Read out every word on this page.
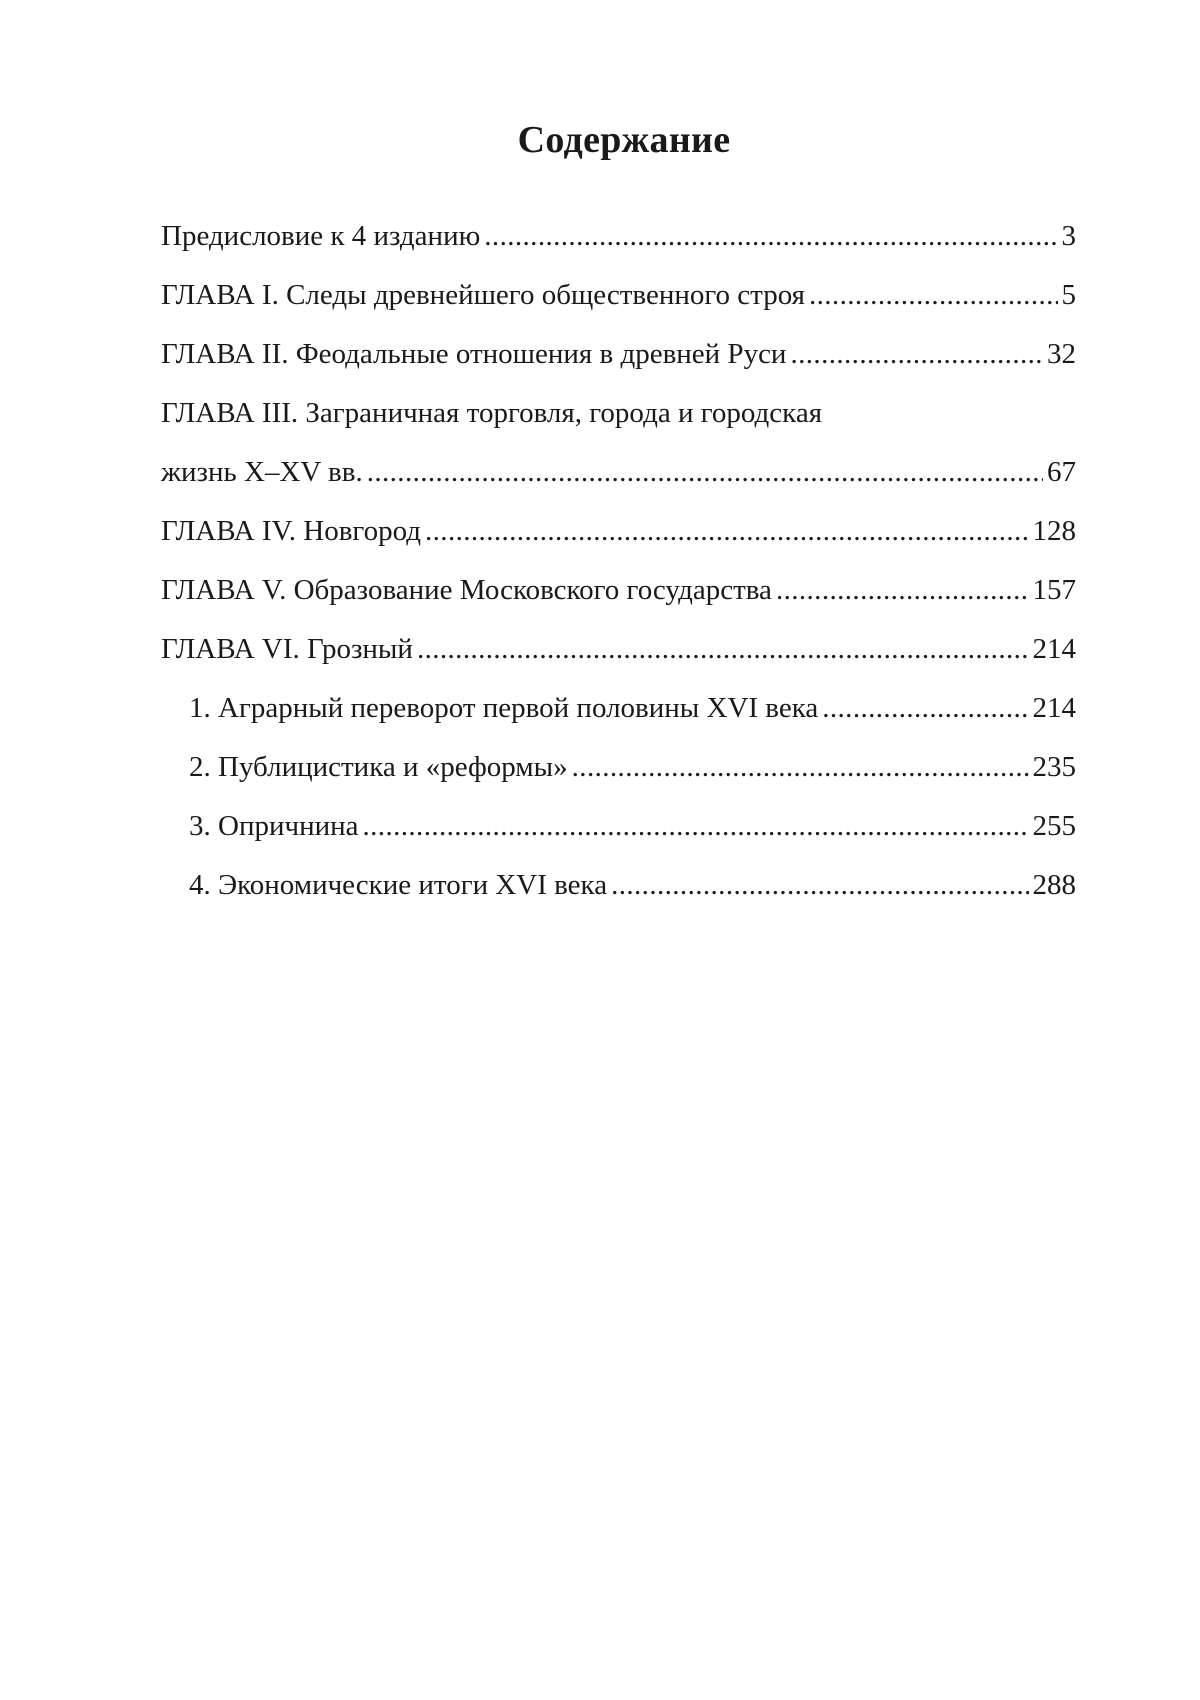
Содержание
Предисловие к 4 изданию .....	3
ГЛАВА I. Следы древнейшего общественного строя .....	5
ГЛАВА II. Феодальные отношения в древней Руси .....	32
ГЛАВА III. Заграничная торговля, города и городская
жизнь X–XV вв. .....	67
ГЛАВА IV. Новгород .....	128
ГЛАВА V. Образование Московского государства .....	157
ГЛАВА VI. Грозный .....	214
1. Аграрный переворот первой половины XVI века .....	214
2. Публицистика и «реформы» .....	235
3. Опричнина .....	255
4. Экономические итоги XVI века .....	288
